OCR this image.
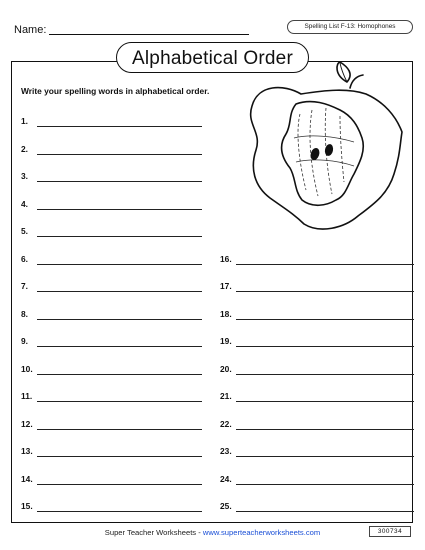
Name:	Spelling List F-13: Homophones
Alphabetical Order
Write your spelling words in alphabetical order.
1.
2.
3.
4.
5.
6.
7.
8.
9.
10.
11.
12.
13.
14.
15.
16.
17.
18.
19.
20.
21.
22.
23.
24.
25.
Super Teacher Worksheets - www.superteacherworksheets.com	300734
